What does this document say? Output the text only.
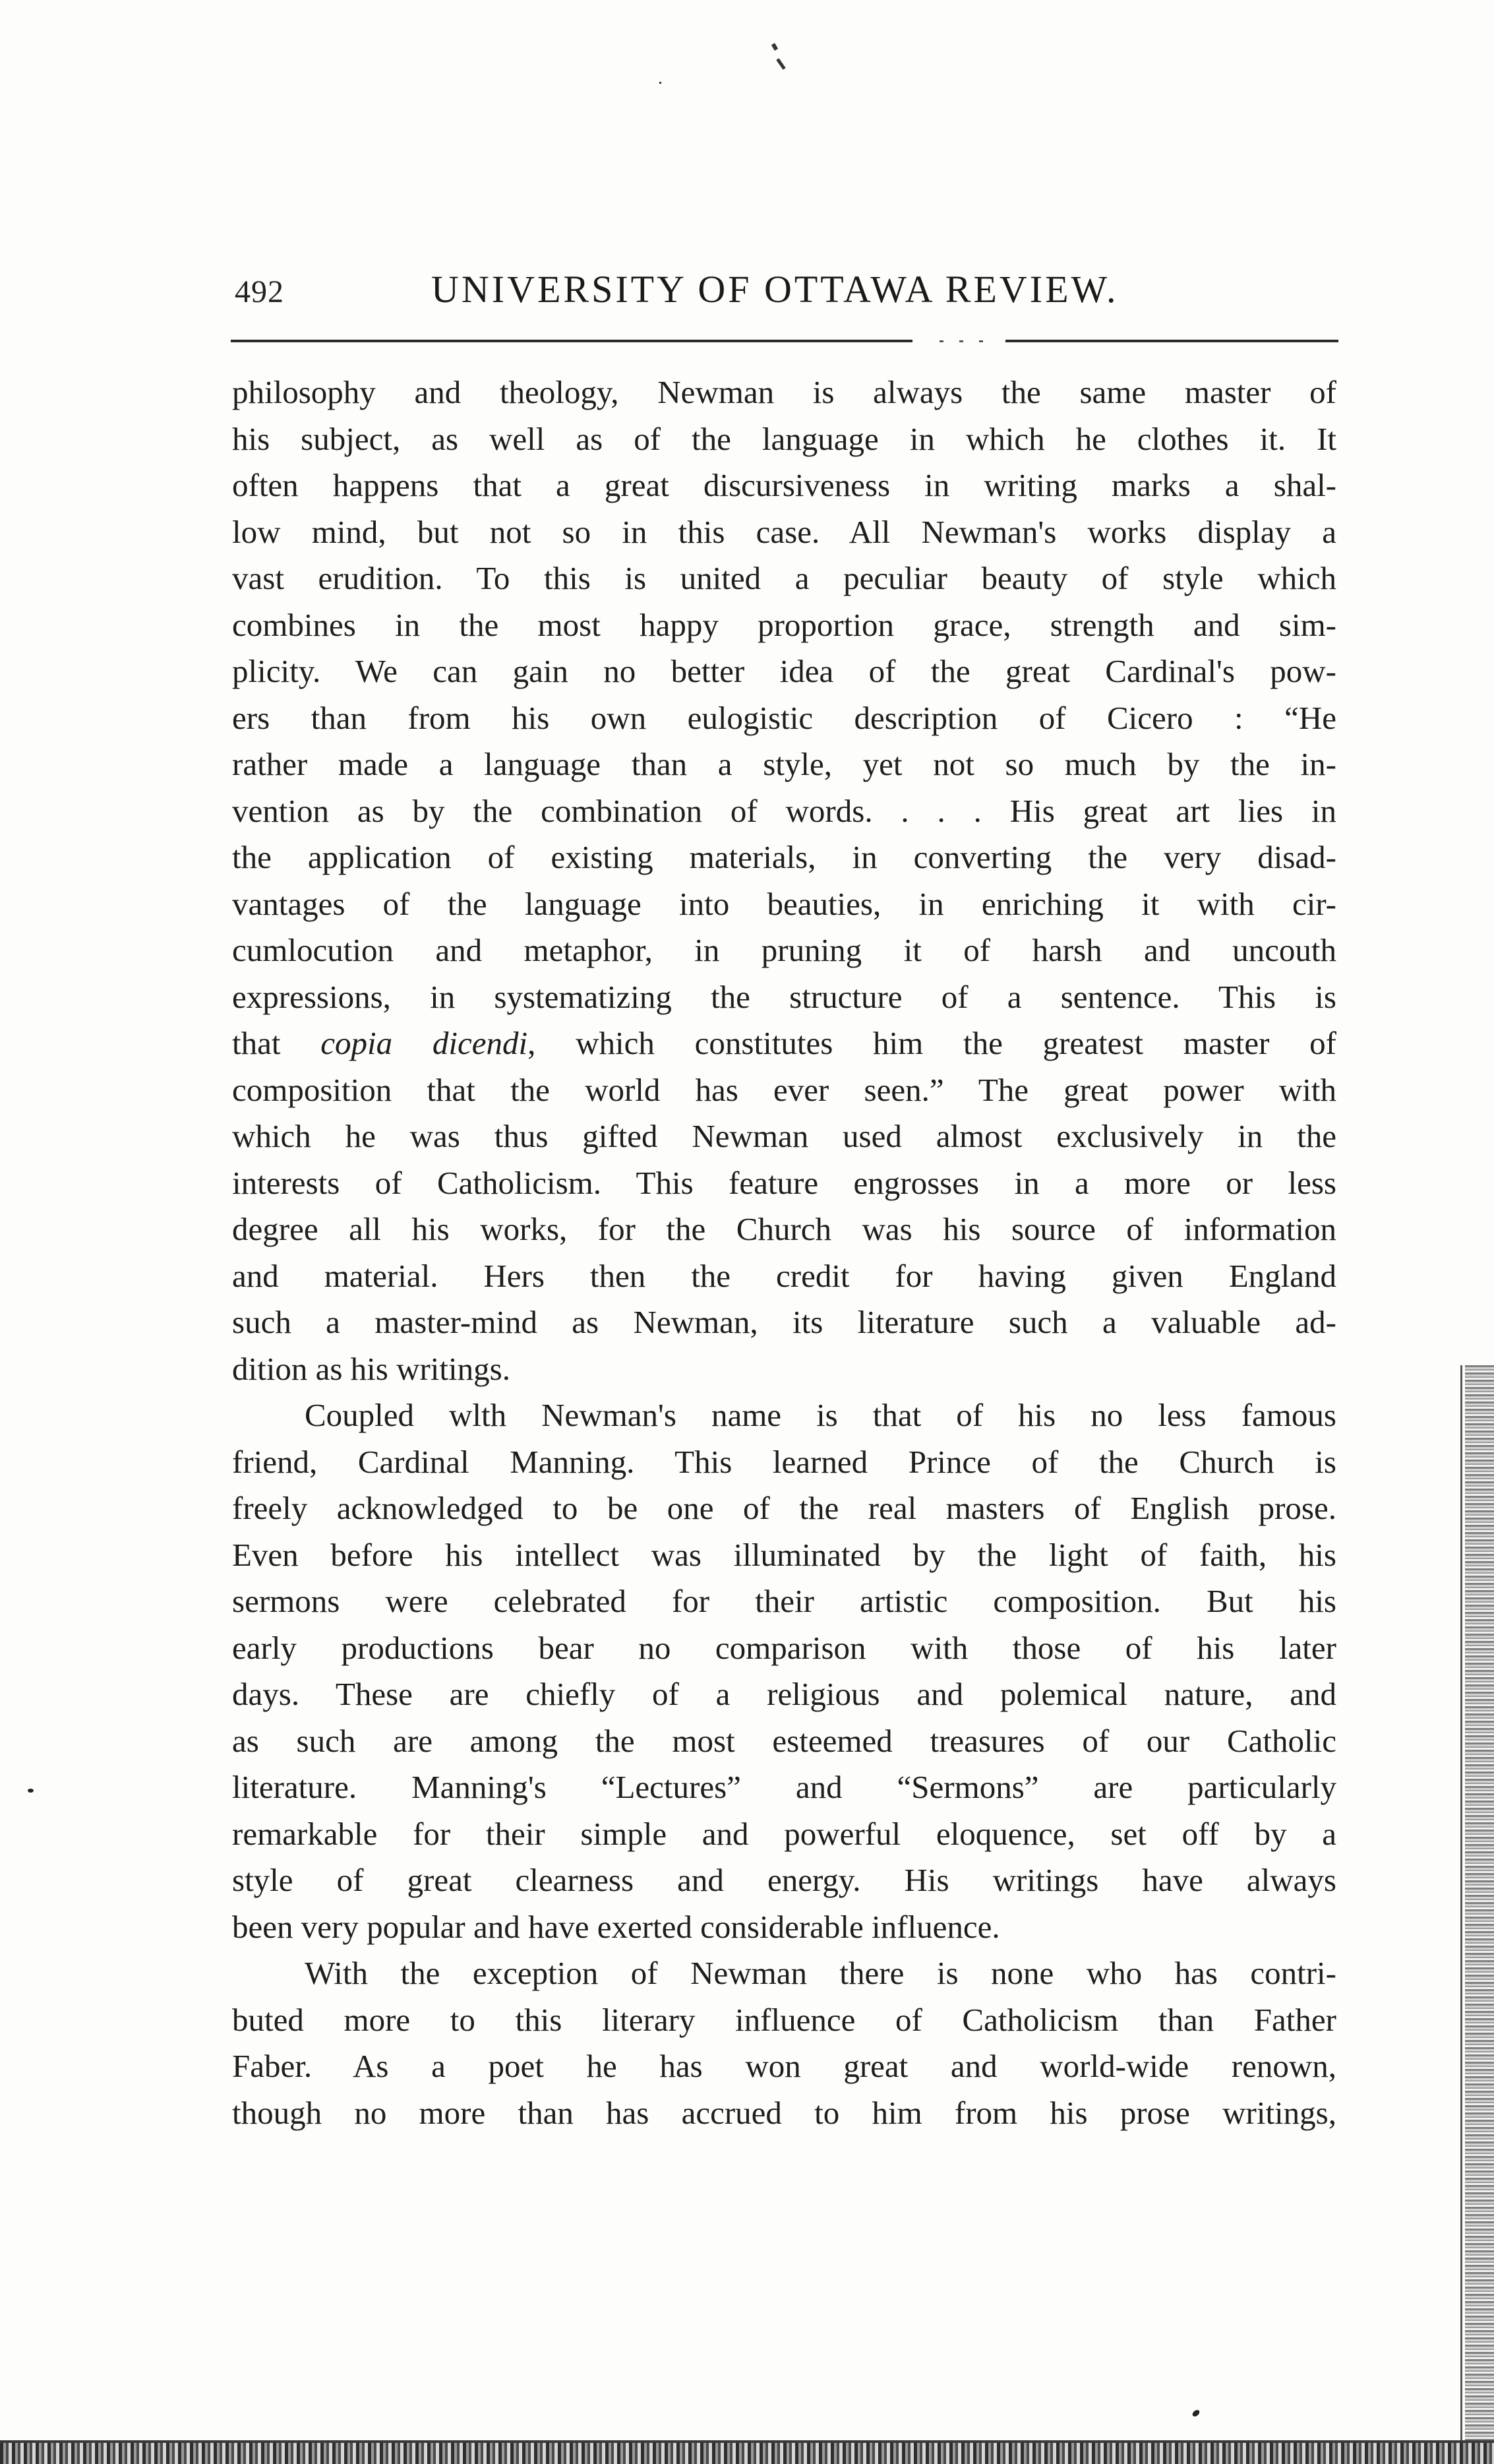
492	UNIVERSITY OF OTTAWA REVIEW.
philosophy and theology, Newman is always the same master of
his subject, as well as of the language in which he clothes it. It
often happens that a great discursiveness in writing marks a shal-
low mind, but not so in this case. All Newman's works display a
vast erudition. To this is united a peculiar beauty of style which
combines in the most happy proportion grace, strength and sim-
plicity. We can gain no better idea of the great Cardinal's pow-
ers than from his own eulogistic description of Cicero : “He
rather made a language than a style, yet not so much by the in-
vention as by the combination of words. . . . His great art lies in
the application of existing materials, in converting the very disad-
vantages of the language into beauties, in enriching it with cir-
cumlocution and metaphor, in pruning it of harsh and uncouth
expressions, in systematizing the structure of a sentence. This is
that copia dicendi, which constitutes him the greatest master of
composition that the world has ever seen.” The great power with
which he was thus gifted Newman used almost exclusively in the
interests of Catholicism. This feature engrosses in a more or less
degree all his works, for the Church was his source of information
and material. Hers then the credit for having given England
such a master-mind as Newman, its literature such a valuable ad-
dition as his writings.
Coupled wlth Newman's name is that of his no less famous
friend, Cardinal Manning. This learned Prince of the Church is
freely acknowledged to be one of the real masters of English prose.
Even before his intellect was illuminated by the light of faith, his
sermons were celebrated for their artistic composition. But his
early productions bear no comparison with those of his later
days. These are chiefly of a religious and polemical nature, and
as such are among the most esteemed treasures of our Catholic
literature. Manning's “Lectures” and “Sermons” are particularly
remarkable for their simple and powerful eloquence, set off by a
style of great clearness and energy. His writings have always
been very popular and have exerted considerable influence.
With the exception of Newman there is none who has contri-
buted more to this literary influence of Catholicism than Father
Faber. As a poet he has won great and world-wide renown,
though no more than has accrued to him from his prose writings,
